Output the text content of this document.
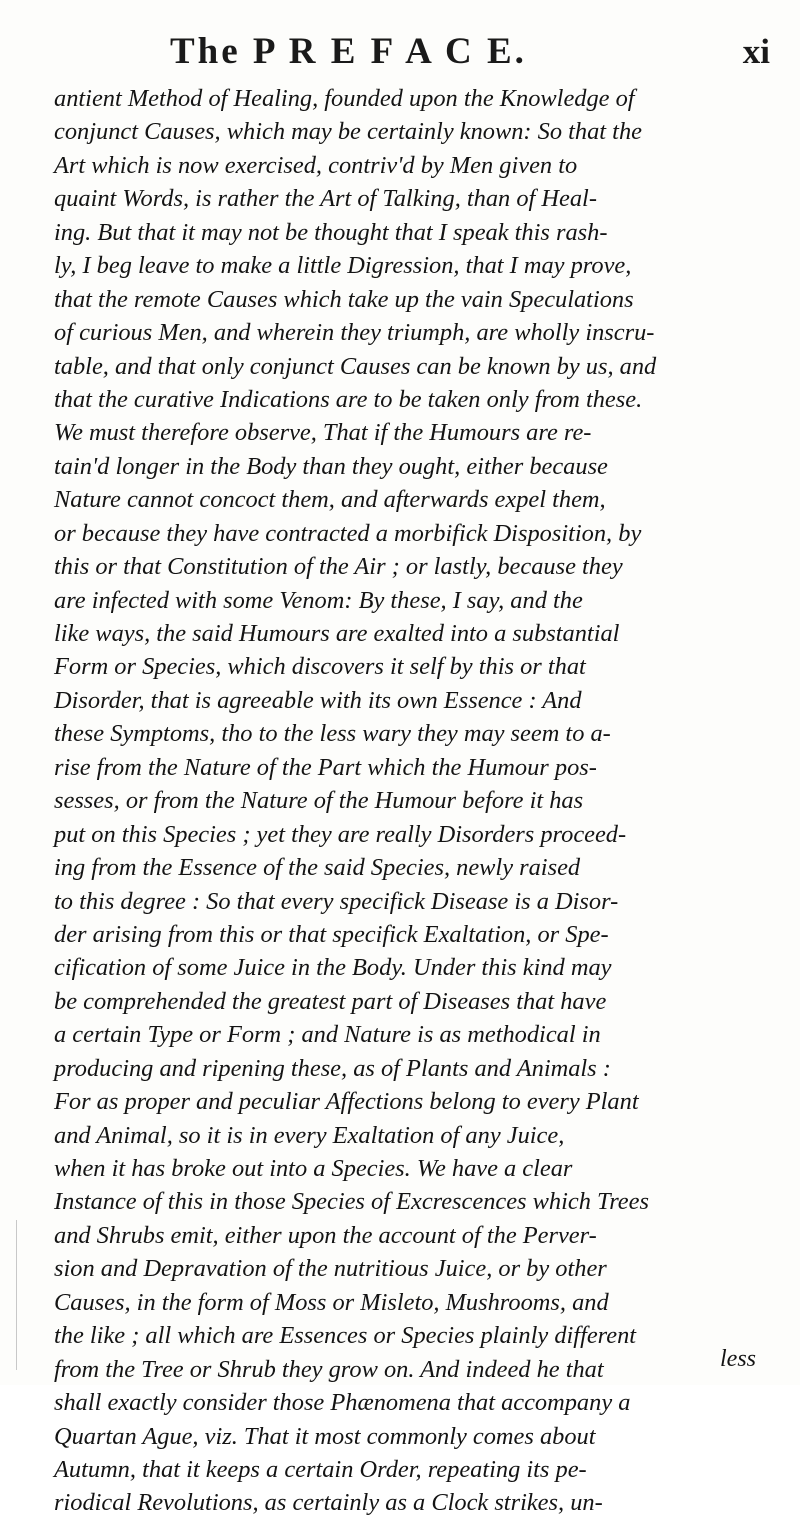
The P R E F A C E.	xi
antient Method of Healing, founded upon the Knowledge of
conjunct Causes, which may be certainly known: So that the
Art which is now exercised, contriv'd by Men given to
quaint Words, is rather the Art of Talking, than of Heal-
ing. But that it may not be thought that I speak this rash-
ly, I beg leave to make a little Digression, that I may prove,
that the remote Causes which take up the vain Speculations
of curious Men, and wherein they triumph, are wholly inscru-
table, and that only conjunct Causes can be known by us, and
that the curative Indications are to be taken only from these.
We must therefore observe, That if the Humours are re-
tain'd longer in the Body than they ought, either because
Nature cannot concoct them, and afterwards expel them,
or because they have contracted a morbifick Disposition, by
this or that Constitution of the Air ; or lastly, because they
are infected with some Venom: By these, I say, and the
like ways, the said Humours are exalted into a substantial
Form or Species, which discovers it self by this or that
Disorder, that is agreeable with its own Essence : And
these Symptoms, tho to the less wary they may seem to a-
rise from the Nature of the Part which the Humour pos-
sesses, or from the Nature of the Humour before it has
put on this Species ; yet they are really Disorders proceed-
ing from the Essence of the said Species, newly raised
to this degree : So that every specifick Disease is a Disor-
der arising from this or that specifick Exaltation, or Spe-
cification of some Juice in the Body. Under this kind may
be comprehended the greatest part of Diseases that have
a certain Type or Form ; and Nature is as methodical in
producing and ripening these, as of Plants and Animals :
For as proper and peculiar Affections belong to every Plant
and Animal, so it is in every Exaltation of any Juice,
when it has broke out into a Species. We have a clear
Instance of this in those Species of Excrescences which Trees
and Shrubs emit, either upon the account of the Perver-
sion and Depravation of the nutritious Juice, or by other
Causes, in the form of Moss or Misleto, Mushrooms, and
the like ; all which are Essences or Species plainly different
from the Tree or Shrub they grow on. And indeed he that
shall exactly consider those Phænomena that accompany a
Quartan Ague, viz. That it most commonly comes about
Autumn, that it keeps a certain Order, repeating its pe-
riodical Revolutions, as certainly as a Clock strikes, un-
less
